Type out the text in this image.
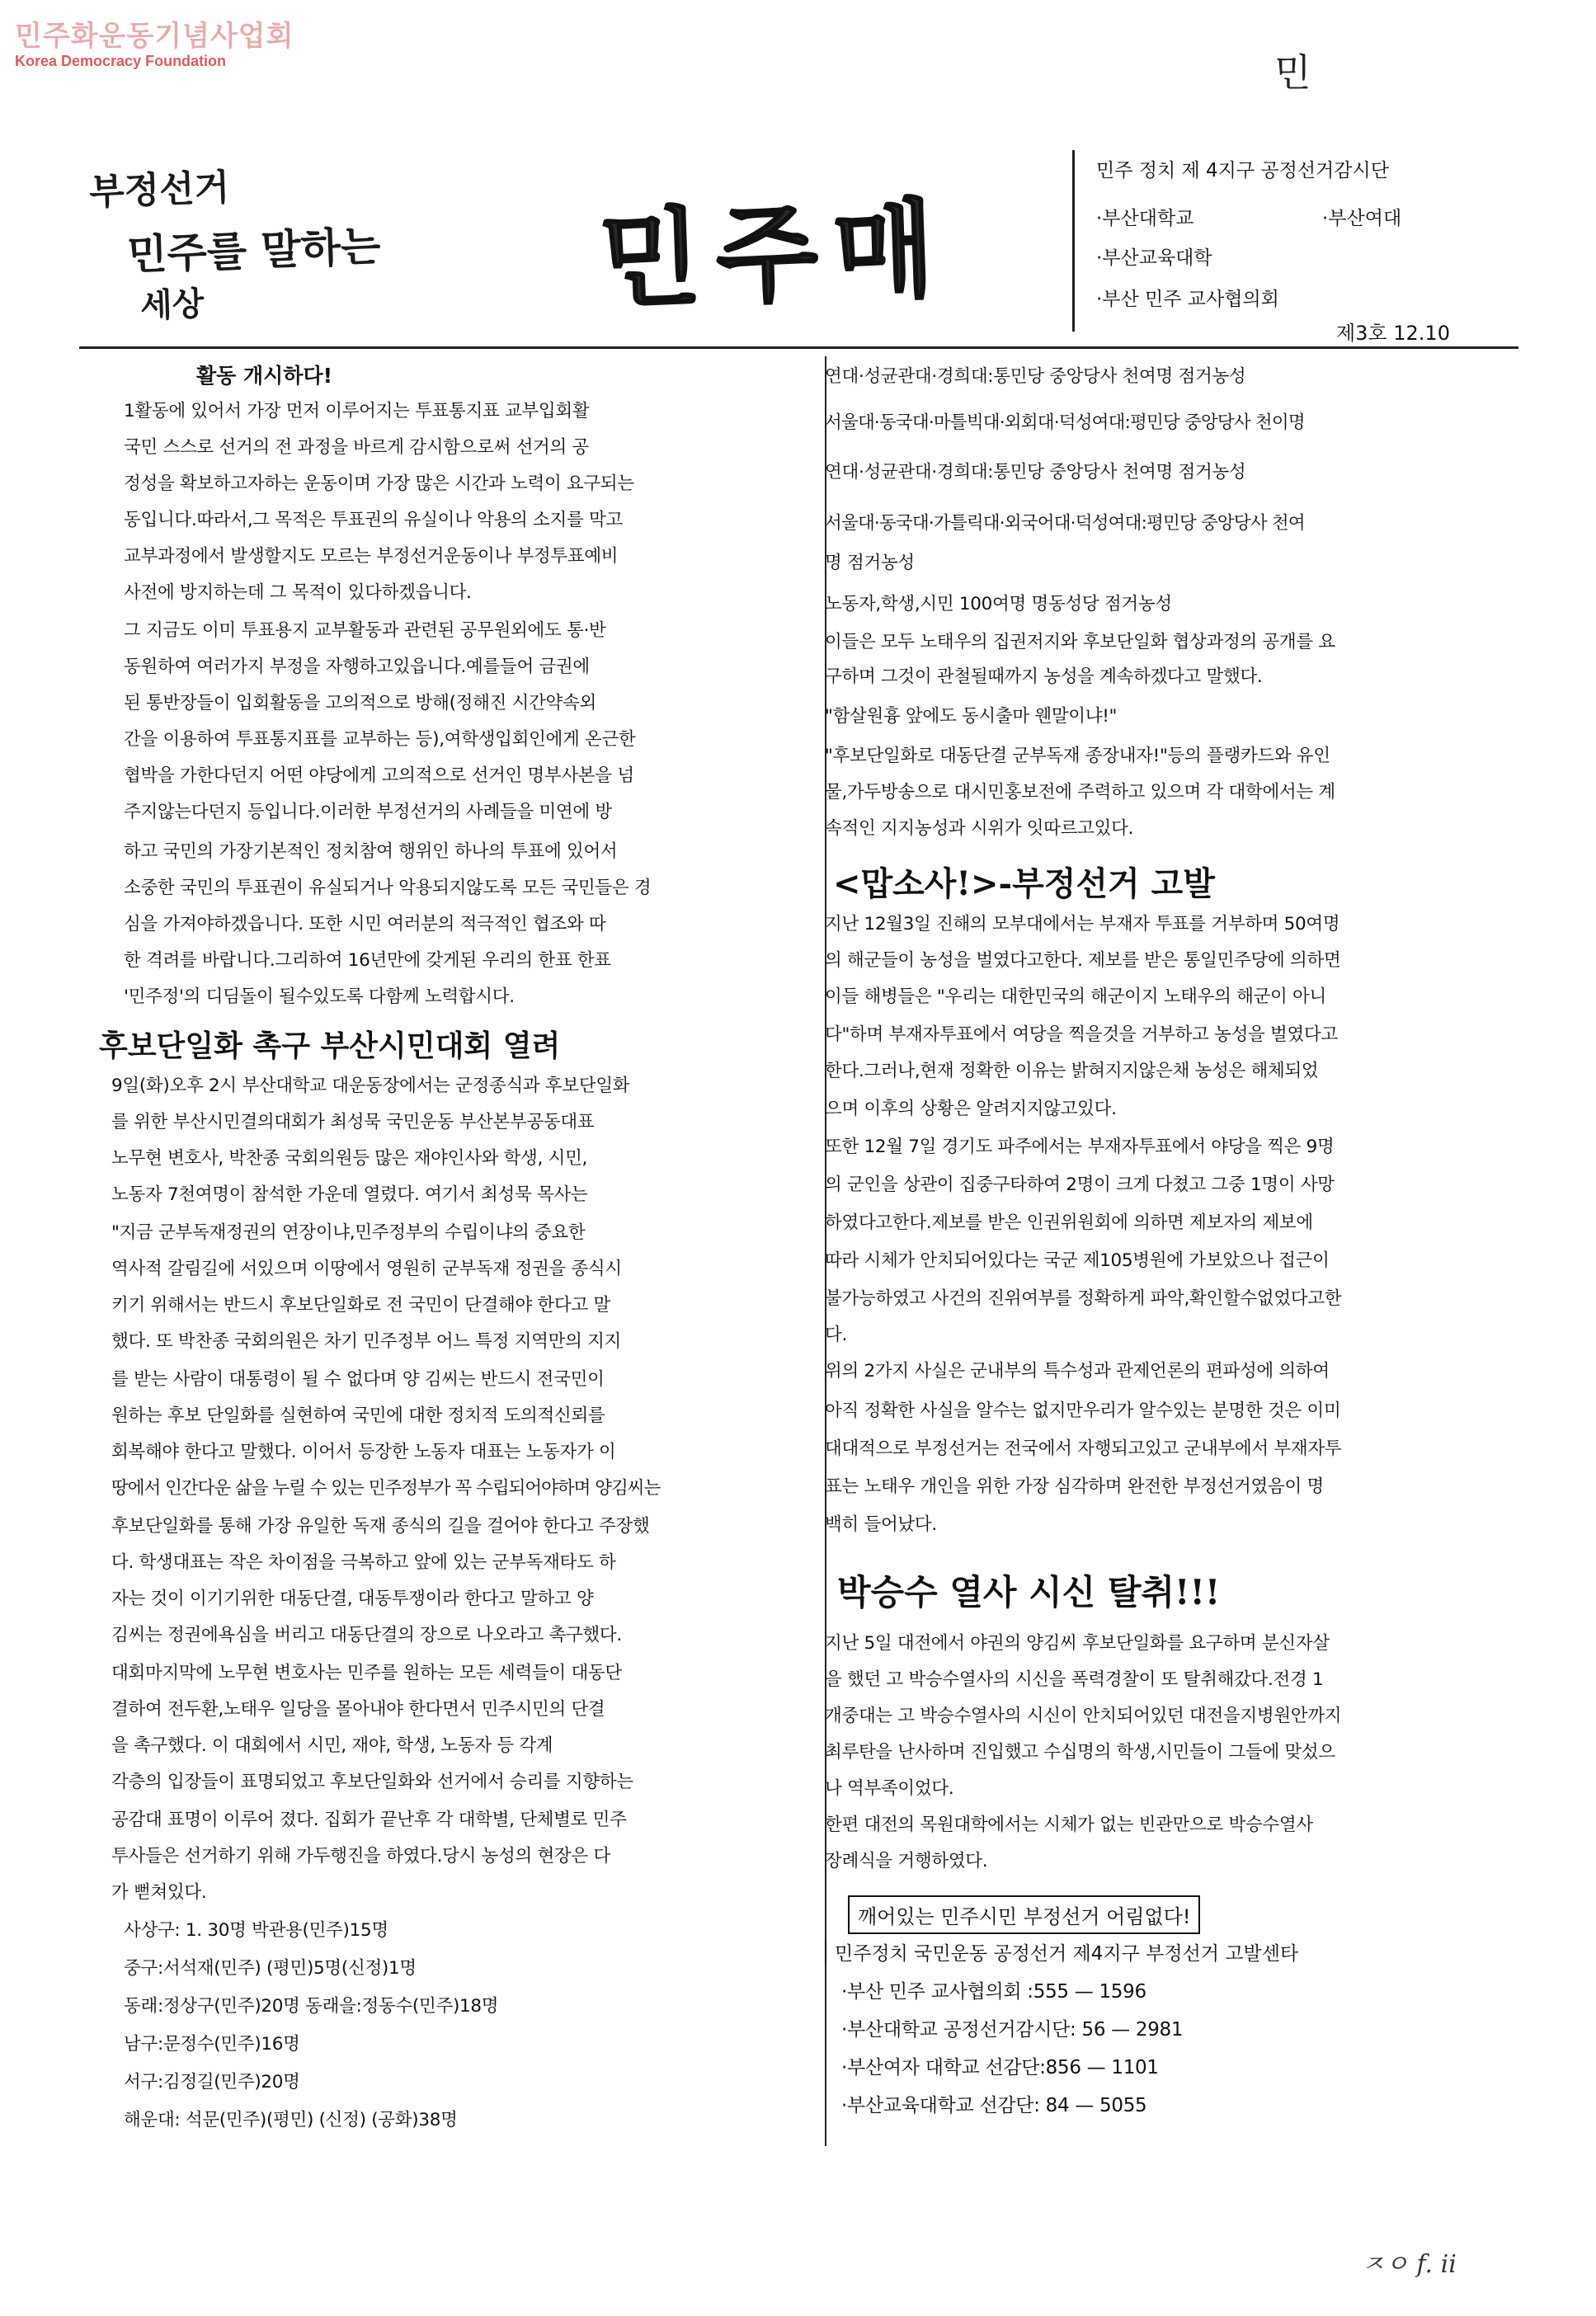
민주화운동기념사업회
Korea Democracy Foundation	민
부정선거
민주를 말하는
세상	민주매
민주 정치 제 4지구 공정선거감시단
·부산대학교	·부산여대
·부산교육대학
·부산 민주 교사협의회
제3호 12.10
활동 개시하다!
1활동에 있어서 가장 먼저 이루어지는 투표통지표 교부입회활
국민 스스로 선거의 전 과정을 바르게 감시함으로써 선거의 공
정성을 확보하고자하는 운동이며 가장 많은 시간과 노력이 요구되는
동입니다.따라서,그 목적은 투표권의 유실이나 악용의 소지를 막고
교부과정에서 발생할지도 모르는 부정선거운동이나 부정투표예비
사전에 방지하는데 그 목적이 있다하겠읍니다.
그 지금도 이미 투표용지 교부활동과 관련된 공무원외에도 통·반
동원하여 여러가지 부정을 자행하고있읍니다.예를들어 금권에
된 통반장들이 입회활동을 고의적으로 방해(정해진 시간약속외
간을 이용하여 투표통지표를 교부하는 등),여학생입회인에게 온근한
협박을 가한다던지 어떤 야당에게 고의적으로 선거인 명부사본을 넘
주지않는다던지 등입니다.이러한 부정선거의 사례들을 미연에 방
하고 국민의 가장기본적인 정치참여 행위인 하나의 투표에 있어서
소중한 국민의 투표권이 유실되거나 악용되지않도록 모든 국민들은 경
심을 가져야하겠읍니다. 또한 시민 여러분의 적극적인 협조와 따
한 격려를 바랍니다.그리하여 16년만에 갖게된 우리의 한표 한표
'민주정'의 디딤돌이 될수있도록 다함께 노력합시다.
후보단일화 촉구 부산시민대회 열려
9일(화)오후 2시 부산대학교 대운동장에서는 군정종식과 후보단일화
를 위한 부산시민결의대회가 최성묵 국민운동 부산본부공동대표
노무현 변호사, 박찬종 국회의원등 많은 재야인사와 학생, 시민,
노동자 7천여명이 참석한 가운데 열렸다. 여기서 최성묵 목사는
"지금 군부독재정권의 연장이냐,민주정부의 수립이냐의 중요한
역사적 갈림길에 서있으며 이땅에서 영원히 군부독재 정권을 종식시
키기 위해서는 반드시 후보단일화로 전 국민이 단결해야 한다고 말
했다. 또 박찬종 국회의원은 차기 민주정부 어느 특정 지역만의 지지
를 받는 사람이 대통령이 될 수 없다며 양 김씨는 반드시 전국민이
원하는 후보 단일화를 실현하여 국민에 대한 정치적 도의적신뢰를
회복해야 한다고 말했다. 이어서 등장한 노동자 대표는 노동자가 이
땅에서 인간다운 삶을 누릴 수 있는 민주정부가 꼭 수립되어야하며 양김씨는
후보단일화를 통해 가장 유일한 독재 종식의 길을 걸어야 한다고 주장했
다. 학생대표는 작은 차이점을 극복하고 앞에 있는 군부독재타도 하
자는 것이 이기기위한 대동단결, 대동투쟁이라 한다고 말하고 양
김씨는 정권에욕심을 버리고 대동단결의 장으로 나오라고 촉구했다.
대회마지막에 노무현 변호사는 민주를 원하는 모든 세력들이 대동단
결하여 전두환,노태우 일당을 몰아내야 한다면서 민주시민의 단결
을 촉구했다. 이 대회에서 시민, 재야, 학생, 노동자 등 각계
각층의 입장들이 표명되었고 후보단일화와 선거에서 승리를 지향하는
공감대 표명이 이루어 졌다. 집회가 끝난후 각 대학별, 단체별로 민주
투사들은 선거하기 위해 가두행진을 하였다.당시 농성의 현장은 다
가 뻗쳐있다.
사상구: 1. 30명 박관용(민주)15명
중구:서석재(민주) (평민)5명(신정)1명
동래:정상구(민주)20명 동래을:정동수(민주)18명
남구:문정수(민주)16명
서구:김정길(민주)20명
해운대: 석문(민주)(평민) (신정) (공화)38명
연대·성균관대·경희대:통민당 중앙당사 천여명 점거농성
서울대·동국대·마틀빅대·외회대·덕성여대:평민당 중앙당사 천이명
연대·성균관대·경희대:통민당 중앙당사 천여명 점거농성
서울대·동국대·가틀릭대·외국어대·덕성여대:평민당 중앙당사 천여
명 점거농성
노동자,학생,시민 100여명 명동성당 점거농성
이들은 모두 노태우의 집권저지와 후보단일화 협상과정의 공개를 요
구하며 그것이 관철될때까지 농성을 계속하겠다고 말했다.
"함살원흉 앞에도 동시출마 웬말이냐!"
"후보단일화로 대동단결 군부독재 종장내자!"등의 플랭카드와 유인
물,가두방송으로 대시민홍보전에 주력하고 있으며 각 대학에서는 계
속적인 지지농성과 시위가 잇따르고있다.
<맙소사!>-부정선거 고발
지난 12월3일 진해의 모부대에서는 부재자 투표를 거부하며 50여명
의 해군들이 농성을 벌였다고한다. 제보를 받은 통일민주당에 의하면
이들 해병들은 "우리는 대한민국의 해군이지 노태우의 해군이 아니
다"하며 부재자투표에서 여당을 찍을것을 거부하고 농성을 벌였다고
한다.그러나,현재 정확한 이유는 밝혀지지않은채 농성은 해체되었
으며 이후의 상황은 알려지지않고있다.
또한 12월 7일 경기도 파주에서는 부재자투표에서 야당을 찍은 9명
의 군인을 상관이 집중구타하여 2명이 크게 다쳤고 그중 1명이 사망
하였다고한다.제보를 받은 인권위원회에 의하면 제보자의 제보에
따라 시체가 안치되어있다는 국군 제105병원에 가보았으나 접근이
불가능하였고 사건의 진위여부를 정확하게 파악,확인할수없었다고한
다.
위의 2가지 사실은 군내부의 특수성과 관제언론의 편파성에 의하여
아직 정확한 사실을 알수는 없지만우리가 알수있는 분명한 것은 이미
대대적으로 부정선거는 전국에서 자행되고있고 군내부에서 부재자투
표는 노태우 개인을 위한 가장 심각하며 완전한 부정선거였음이 명
백히 들어났다.
박승수 열사 시신 탈취!!!
지난 5일 대전에서 야권의 양김씨 후보단일화를 요구하며 분신자살
을 했던 고 박승수열사의 시신을 폭력경찰이 또 탈취해갔다.전경 1
개중대는 고 박승수열사의 시신이 안치되어있던 대전을지병원안까지
최루탄을 난사하며 진입했고 수십명의 학생,시민들이 그들에 맞섰으
나 역부족이었다.
한편 대전의 목원대학에서는 시체가 없는 빈관만으로 박승수열사
장례식을 거행하였다.
깨어있는 민주시민 부정선거 어림없다!
민주정치 국민운동 공정선거 제4지구 부정선거 고발센타
·부산 민주 교사협의회 :555 — 1596
·부산대학교 공정선거감시단: 56 — 2981
·부산여자 대학교 선감단:856 — 1101
·부산교육대학교 선감단: 84 — 5055
ㅈㅇ f. ii
